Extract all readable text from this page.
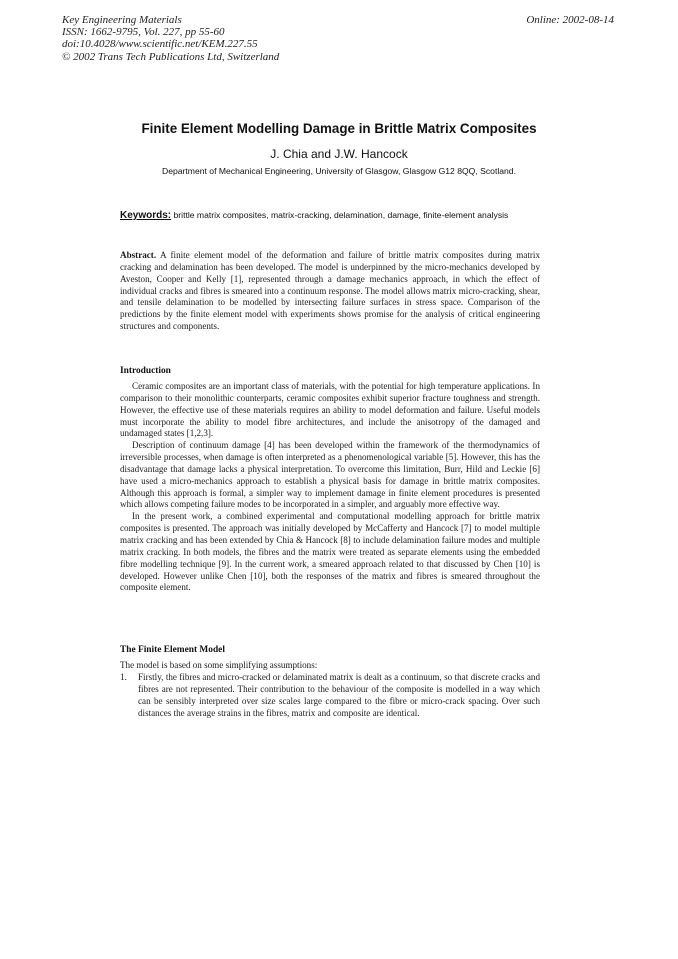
Key Engineering Materials
ISSN: 1662-9795, Vol. 227, pp 55-60
doi:10.4028/www.scientific.net/KEM.227.55
© 2002 Trans Tech Publications Ltd, Switzerland
Online: 2002-08-14
Finite Element Modelling Damage in Brittle Matrix Composites
J. Chia and J.W. Hancock
Department of Mechanical Engineering, University of Glasgow, Glasgow G12 8QQ, Scotland.
Keywords: brittle matrix composites, matrix-cracking, delamination, damage, finite-element analysis
Abstract. A finite element model of the deformation and failure of brittle matrix composites during matrix cracking and delamination has been developed. The model is underpinned by the micro-mechanics developed by Aveston, Cooper and Kelly [1], represented through a damage mechanics approach, in which the effect of individual cracks and fibres is smeared into a continuum response. The model allows matrix micro-cracking, shear, and tensile delamination to be modelled by intersecting failure surfaces in stress space. Comparison of the predictions by the finite element model with experiments shows promise for the analysis of critical engineering structures and components.
Introduction

Ceramic composites are an important class of materials, with the potential for high temperature applications. In comparison to their monolithic counterparts, ceramic composites exhibit superior fracture toughness and strength. However, the effective use of these materials requires an ability to model deformation and failure. Useful models must incorporate the ability to model fibre architectures, and include the anisotropy of the damaged and undamaged states [1,2,3].

Description of continuum damage [4] has been developed within the framework of the thermodynamics of irreversible processes, when damage is often interpreted as a phenomenological variable [5]. However, this has the disadvantage that damage lacks a physical interpretation. To overcome this limitation, Burr, Hild and Leckie [6] have used a micro-mechanics approach to establish a physical basis for damage in brittle matrix composites. Although this approach is formal, a simpler way to implement damage in finite element procedures is presented which allows competing failure modes to be incorporated in a simpler, and arguably more effective way.

In the present work, a combined experimental and computational modelling approach for brittle matrix composites is presented. The approach was initially developed by McCafferty and Hancock [7] to model multiple matrix cracking and has been extended by Chia & Hancock [8] to include delamination failure modes and multiple matrix cracking. In both models, the fibres and the matrix were treated as separate elements using the embedded fibre modelling technique [9]. In the current work, a smeared approach related to that discussed by Chen [10] is developed. However unlike Chen [10], both the responses of the matrix and fibres is smeared throughout the composite element.

The Finite Element Model
The model is based on some simplifying assumptions:
1.	Firstly, the fibres and micro-cracked or delaminated matrix is dealt as a continuum, so that discrete cracks and fibres are not represented. Their contribution to the behaviour of the composite is modelled in a way which can be sensibly interpreted over size scales large compared to the fibre or micro-crack spacing. Over such distances the average strains in the fibres, matrix and composite are identical.
